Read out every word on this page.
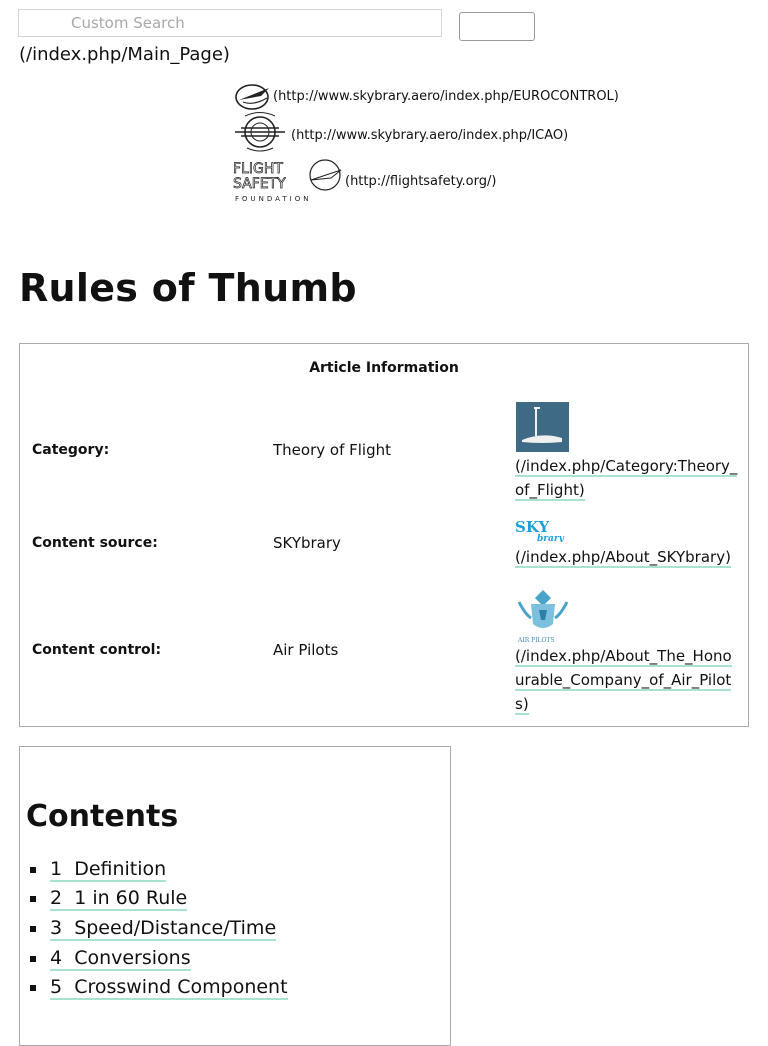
Custom Search
(/index.php/Main_Page)
(http://www.skybrary.aero/index.php/EUROCONTROL)
(http://www.skybrary.aero/index.php/ICAO)
FLIGHT
SAFETY
FOUNDATION
(http://flightsafety.org/)
Rules of Thumb
Article Information
Category:	Theory of Flight
(/index.php/Category:Theory_of_Flight)
Content source:	SKYbrary
SKY
brary
(/index.php/About_SKYbrary)
Content control:	Air Pilots
AIR PILOTS
(/index.php/About_The_Honourable_Company_of_Air_Pilots)
Contents
1 Definition
2 1 in 60 Rule
3 Speed/Distance/Time
4 Conversions
5 Crosswind Component
